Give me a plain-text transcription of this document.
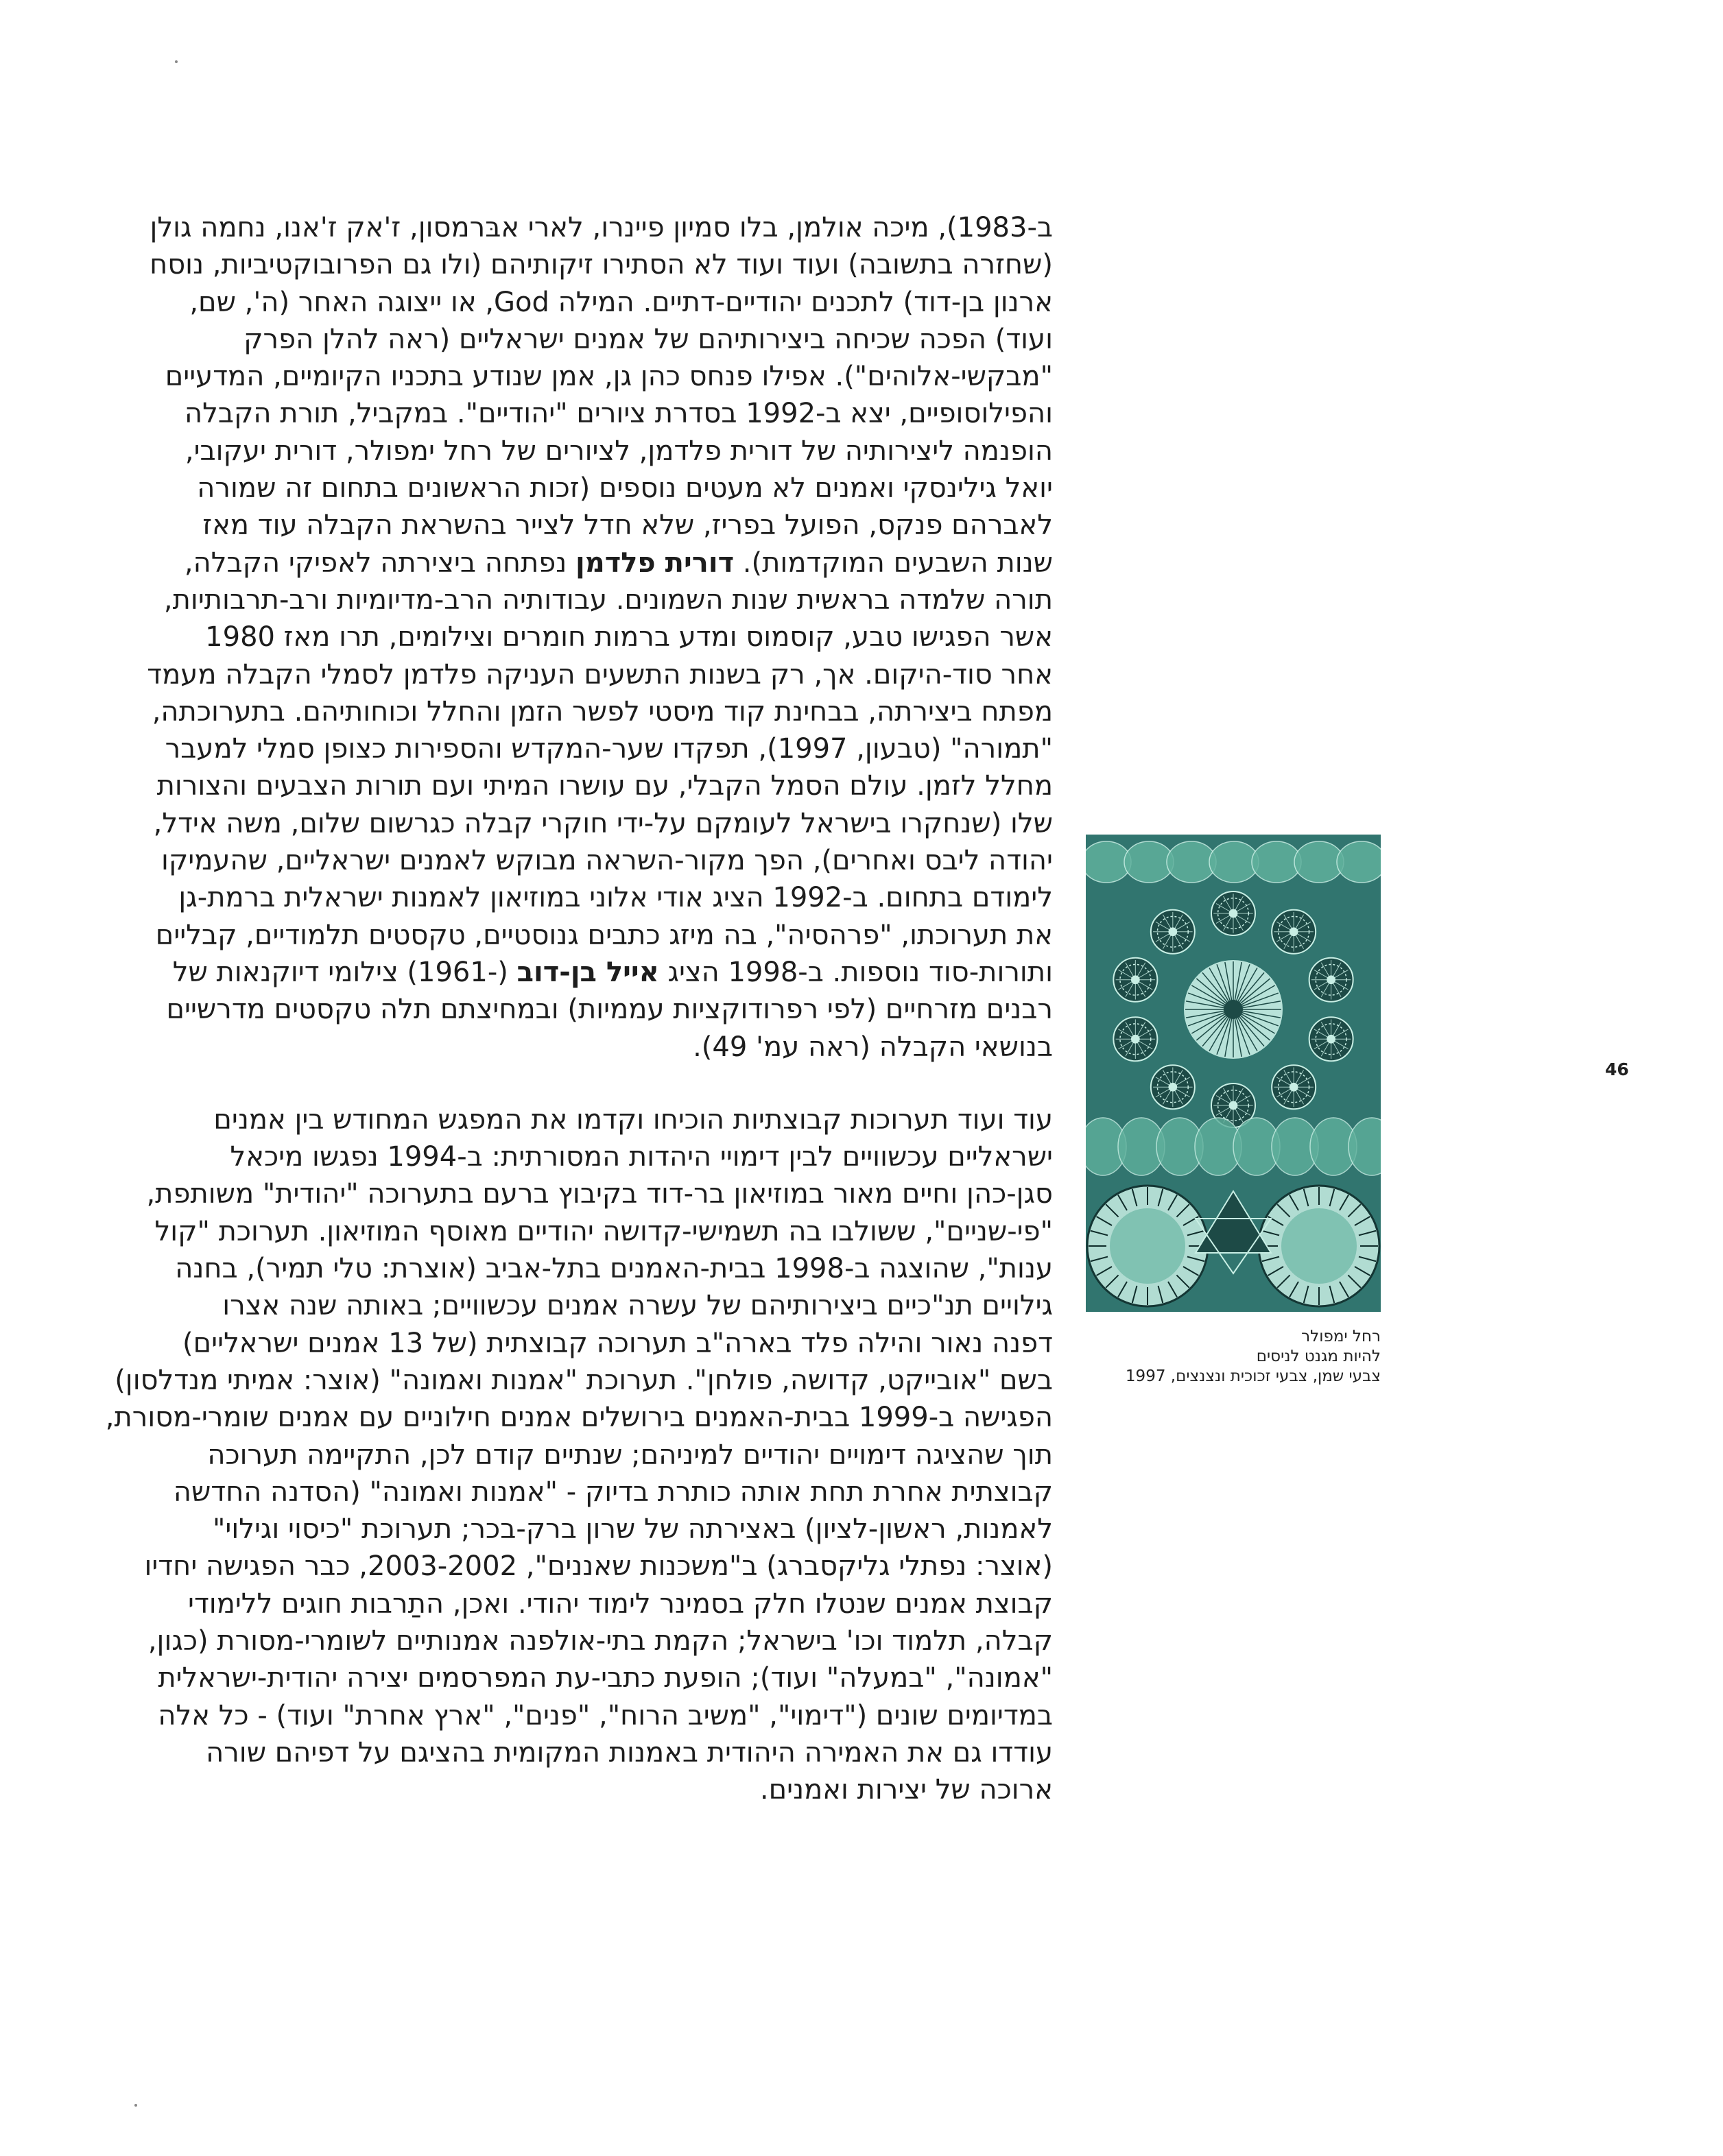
ב-1983), מיכה אולמן, בלו סמיון פיינרו, לארי אבּרמסון, ז'אק ז'אנו, נחמה גולן
(שחזרה בתשובה) ועוד ועוד לא הסתירו זיקותיהם (ולו גם הפרובוקטיביות, נוסח
ארנון בן-דוד) לתכנים יהודיים-דתיים. המילה God, או ייצוגה האחר (ה', שם,
ועוד) הפכה שכיחה ביצירותיהם של אמנים ישראליים (ראה להלן הפרק
"מבקשי-אלוהים"). אפילו פנחס כהן גן, אמן שנודע בתכניו הקיומיים, המדעיים
והפילוסופיים, יצא ב-1992 בסדרת ציורים "יהודיים". במקביל, תורת הקבלה
הופנמה ליצירותיה של דורית פלדמן, לציורים של רחל ימפולר, דורית יעקובי,
יואל גילינסקי ואמנים לא מעטים נוספים (זכות הראשונים בתחום זה שמורה
לאברהם פנקס, הפועל בפריז, שלא חדל לצייר בהשראת הקבלה עוד מאז
שנות השבעים המוקדמות). דורית פלדמן נפתחה ביצירתה לאפיקי הקבלה,
תורה שלמדה בראשית שנות השמונים. עבודותיה הרב-מדיומיות ורב-תרבותיות,
אשר הפגישו טבע, קוסמוס ומדע ברמות חומרים וצילומים, תרו מאז 1980
אחר סוד-היקום. אך, רק בשנות התשעים העניקה פלדמן לסמלי הקבלה מעמד
מפתח ביצירתה, בבחינת קוד מיסטי לפשר הזמן והחלל וכוחותיהם. בתערוכתה,
"תמורה" (טבעון, 1997), תפקדו שער-המקדש והספירות כצופן סמלי למעבר
מחלל לזמן. עולם הסמל הקבלי, עם עושרו המיתי ועם תורות הצבעים והצורות
שלו (שנחקרו בישראל לעומקם על-ידי חוקרי קבלה כגרשום שלום, משה אידל,
יהודה ליבס ואחרים), הפך מקור-השראה מבוקש לאמנים ישראליים, שהעמיקו
לימודם בתחום. ב-1992 הציג אודי אלוני במוזיאון לאמנות ישראלית ברמת-גן
את תערוכתו, "פרהסיה", בה מיזג כתבים גנוסטיים, טקסטים תלמודיים, קבליים
ותורות-סוד נוספות. ב-1998 הציג אייל בן-דוב (-1961) צילומי דיוקנאות של
רבנים מזרחיים (לפי רפרודוקציות עממיות) ובמחיצתם תלה טקסטים מדרשיים
בנושאי הקבלה (ראה עמ' 49).
עוד ועוד תערוכות קבוצתיות הוכיחו וקדמו את המפגש המחודש בין אמנים
ישראליים עכשוויים לבין דימויי היהדות המסורתית: ב-1994 נפגשו מיכאל
סגן-כהן וחיים מאור במוזיאון בר-דוד בקיבוץ ברעם בתערוכה "יהודית" משותפת,
"פי-שניים", ששולבו בה תשמישי-קדושה יהודיים מאוסף המוזיאון. תערוכת "קול
ענות", שהוצגה ב-1998 בבית-האמנים בתל-אביב (אוצרת: טלי תמיר), בחנה
גילויים תנ"כיים ביצירותיהם של עשרה אמנים עכשוויים; באותה שנה אצרו
דפנה נאור והילה פלד בארה"ב תערוכה קבוצתית (של 13 אמנים ישראליים)
בשם "אובייקט, קדושה, פולחן". תערוכת "אמנות ואמונה" (אוצר: אמיתי מנדלסון)
הפגישה ב-1999 בבית-האמנים בירושלים אמנים חילוניים עם אמנים שומרי-מסורת,
תוך שהציגה דימויים יהודיים למיניהם; שנתיים קודם לכן, התקיימה תערוכה
קבוצתית אחרת תחת אותה כותרת בדיוק - "אמנות ואמונה" (הסדנה החדשה
לאמנות, ראשון-לציון) באצירתה של שרון ברק-בכר; תערוכת "כיסוי וגילוי"
(אוצר: נפתלי גליקסברג) ב"משכנות שאננים", 2003-2002, כבר הפגישה יחדיו
קבוצת אמנים שנטלו חלק בסמינר לימוד יהודי. ואכן, התַרבות חוגים ללימודי
קבלה, תלמוד וכו' בישראל; הקמת בתי-אולפנה אמנותיים לשומרי-מסורת (כגון,
"אמונה", "במעלה" ועוד); הופעת כתבי-עת המפרסמים יצירה יהודית-ישראלית
במדיומים שונים ("דימוי", "משיב הרוח", "פנים", "ארץ אחרת" ועוד) - כל אלה
עודדו גם את האמירה היהודית באמנות המקומית בהציגם על דפיהם שורה
ארוכה של יצירות ואמנים.
רחל ימפולר
להיות מגנט לניסים
צבעי שמן, צבעי זכוכית ונצנצים, 1997
46
